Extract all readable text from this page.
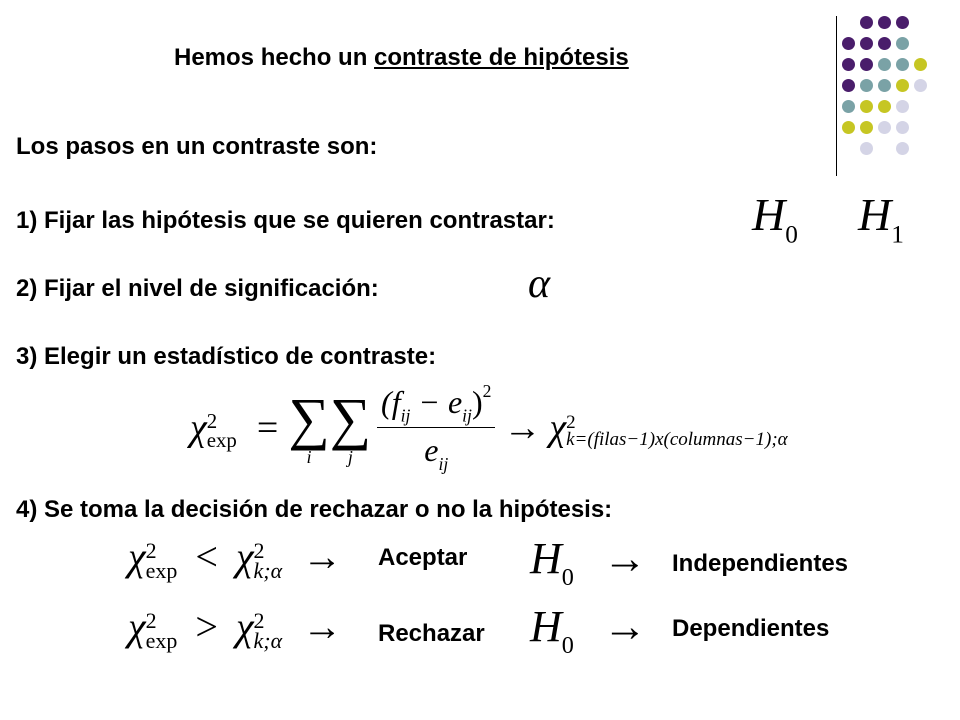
Hemos hecho un contraste de hipótesis
Los pasos en un contraste son:
1) Fijar las hipótesis que se quieren contrastar:	$H_0$ $H_1$
2) Fijar el nivel de significación:	α
3) Elegir un estadístico de contraste:
χ 2
exp = ∑
i
∑
j $\frac{(f_{ij} - e_{ij})^2}{e_{ij}} \to \chi$ 2
k=(filas−1)x(columnas−1);α
4) Se toma la decisión de rechazar o no la hipótesis:
χ 2
exp < χ 2
k;α → Aceptar $H_0$ → Independientes
χ 2
exp > χ 2
k;α → Rechazar $H_0$ → Dependientes
